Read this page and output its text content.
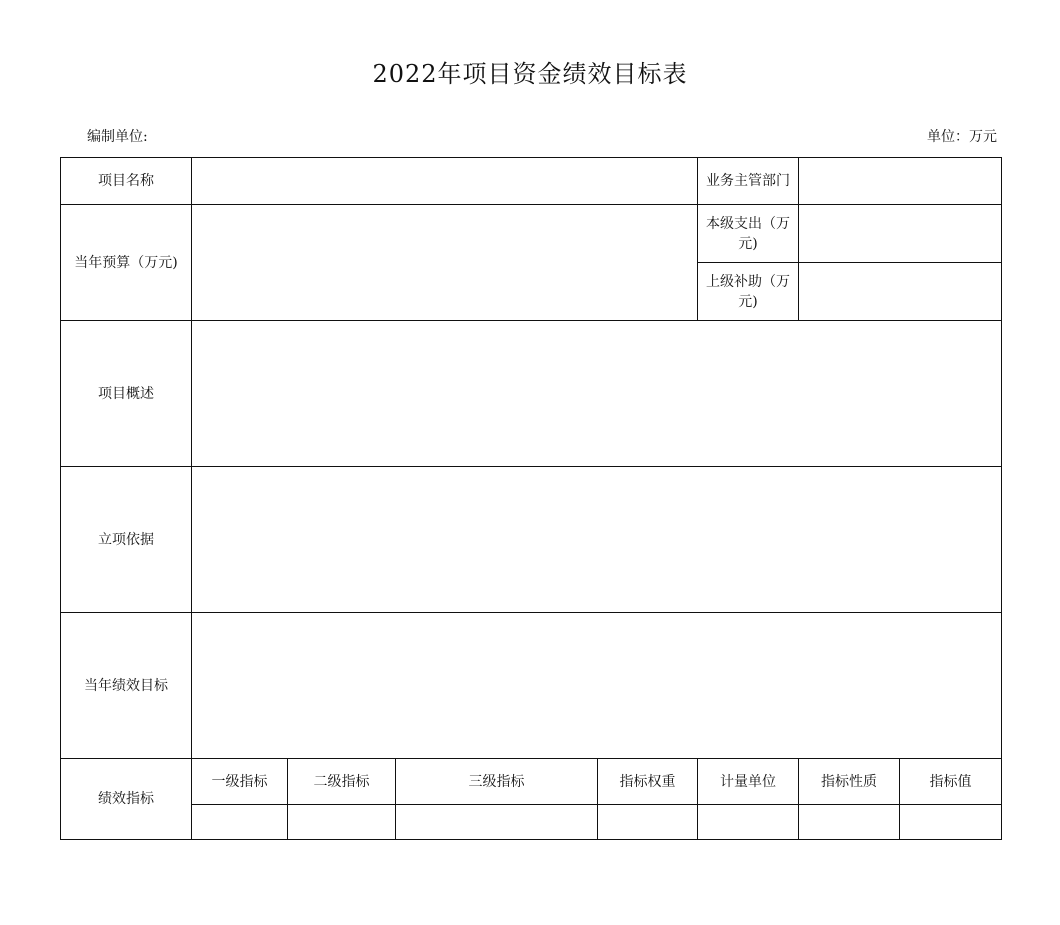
2022年项目资金绩效目标表
编制单位:	单位：万元
项目名称					业务主管部门		
当年预算（万元)					本级支出（万元)		
					上级补助（万元)		
项目概述							
立项依据							
当年绩效目标							
绩效指标	一级指标	二级指标	三级指标	指标权重	计量单位	指标性质	指标值
